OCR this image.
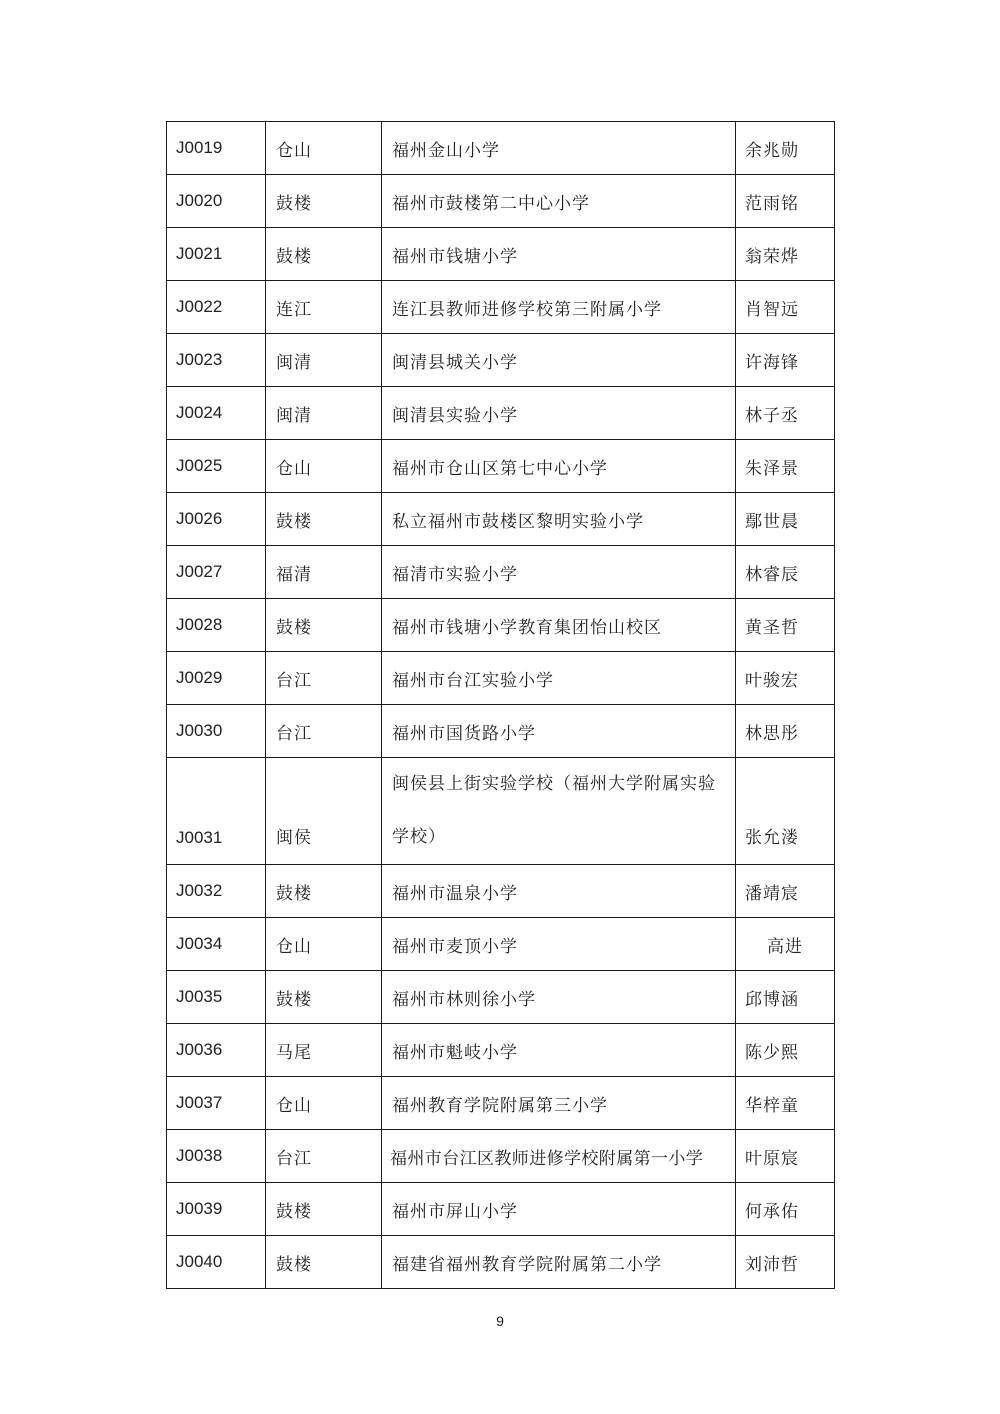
J0019	仓山	福州金山小学	余兆勋
J0020	鼓楼	福州市鼓楼第二中心小学	范雨铭
J0021	鼓楼	福州市钱塘小学	翁荣烨
J0022	连江	连江县教师进修学校第三附属小学	肖智远
J0023	闽清	闽清县城关小学	许海锋
J0024	闽清	闽清县实验小学	林子丞
J0025	仓山	福州市仓山区第七中心小学	朱泽景
J0026	鼓楼	私立福州市鼓楼区黎明实验小学	鄢世晨
J0027	福清	福清市实验小学	林睿辰
J0028	鼓楼	福州市钱塘小学教育集团怡山校区	黄圣哲
J0029	台江	福州市台江实验小学	叶骏宏
J0030	台江	福州市国货路小学	林思彤
J0031	闽侯	闽侯县上街实验学校（福州大学附属实验
学校）	张允溇
J0032	鼓楼	福州市温泉小学	潘靖宸
J0034	仓山	福州市麦顶小学	高进
J0035	鼓楼	福州市林则徐小学	邱博涵
J0036	马尾	福州市魁岐小学	陈少熙
J0037	仓山	福州教育学院附属第三小学	华梓童
J0038	台江	福州市台江区教师进修学校附属第一小学	叶原宸
J0039	鼓楼	福州市屏山小学	何承佑
J0040	鼓楼	福建省福州教育学院附属第二小学	刘沛哲
9
